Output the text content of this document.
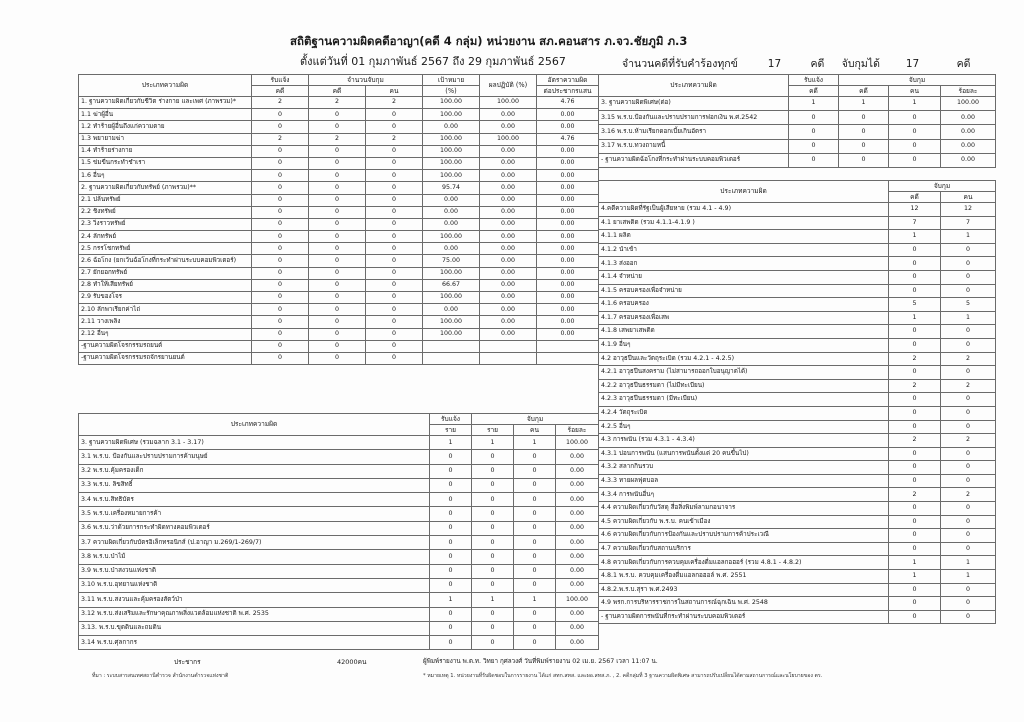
สถิติฐานความผิดคดีอาญา(คดี 4 กลุ่ม) หน่วยงาน สภ.คอนสาร ภ.จว.ชัยภูมิ ภ.3
ตั้งแต่วันที่ 01 กุมภาพันธ์ 2567 ถึง 29 กุมภาพันธ์ 2567	จำนวนคดีที่รับคำร้องทุกข์	17	คดี จับกุมได้ 17	คดี
ประเภทความผิด	รับแจ้ง	จำนวนจับกุม		เป้าหมาย	ผลปฏิบัติ (%)	อัตราความผิด
	คดี	คดี	คน	(%)		ต่อประชากรแสน
1. ฐานความผิดเกี่ยวกับชีวิต ร่างกาย และเพศ (ภาพรวม)*	2	2	2	100.00	100.00	4.76
1.1 ฆ่าผู้อื่น	0	0	0	100.00	0.00	0.00
1.2 ทำร้ายผู้อื่นถึงแก่ความตาย	0	0	0	0.00	0.00	0.00
1.3 พยายามฆ่า	2	2	2	100.00	100.00	4.76
1.4 ทำร้ายร่างกาย	0	0	0	100.00	0.00	0.00
1.5 ข่มขืนกระทำชำเรา	0	0	0	100.00	0.00	0.00
1.6 อื่นๆ	0	0	0	100.00	0.00	0.00
2. ฐานความผิดเกี่ยวกับทรัพย์ (ภาพรวม)**	0	0	0	95.74	0.00	0.00
2.1 ปล้นทรัพย์	0	0	0	0.00	0.00	0.00
2.2 ชิงทรัพย์	0	0	0	0.00	0.00	0.00
2.3 วิ่งราวทรัพย์	0	0	0	0.00	0.00	0.00
2.4 ลักทรัพย์	0	0	0	100.00	0.00	0.00
2.5 กรรโชกทรัพย์	0	0	0	0.00	0.00	0.00
2.6 ฉ้อโกง (ยกเว้นฉ้อโกงที่กระทำผ่านระบบคอมพิวเตอร์)	0	0	0	75.00	0.00	0.00
2.7 ยักยอกทรัพย์	0	0	0	100.00	0.00	0.00
2.8 ทำให้เสียทรัพย์	0	0	0	66.67	0.00	0.00
2.9 รับของโจร	0	0	0	100.00	0.00	0.00
2.10 ลักพาเรียกค่าไถ่	0	0	0	0.00	0.00	0.00
2.11 วางเพลิง	0	0	0	100.00	0.00	0.00
2.12 อื่นๆ	0	0	0	100.00	0.00	0.00
-ฐานความผิดโจรกรรมรถยนต์	0	0	0			
-ฐานความผิดโจรกรรมรถจักรยานยนต์	0	0	0			
ประเภทความผิด	รับแจ้ง	จับกุม		
	ราย	ราย	คน	ร้อยละ
3. ฐานความผิดพิเศษ (รวมฉลาก 3.1 - 3.17)	1	1	1	100.00
3.1 พ.ร.บ. ป้องกันและปราบปรามการค้ามนุษย์	0	0	0	0.00
3.2 พ.ร.บ.คุ้มครองเด็ก	0	0	0	0.00
3.3 พ.ร.บ. ลิขสิทธิ์	0	0	0	0.00
3.4 พ.ร.บ.สิทธิบัตร	0	0	0	0.00
3.5 พ.ร.บ.เครื่องหมายการค้า	0	0	0	0.00
3.6 พ.ร.บ.ว่าด้วยการกระทำผิดทางคอมพิวเตอร์	0	0	0	0.00
3.7 ความผิดเกี่ยวกับบัตรอิเล็กทรอนิกส์ (ป.อาญา ม.269/1-269/7)	0	0	0	0.00
3.8 พ.ร.บ.ป่าไม้	0	0	0	0.00
3.9 พ.ร.บ.ป่าสงวนแห่งชาติ	0	0	0	0.00
3.10 พ.ร.บ.อุทยานแห่งชาติ	0	0	0	0.00
3.11 พ.ร.บ.สงวนและคุ้มครองสัตว์ป่า	1	1	1	100.00
3.12 พ.ร.บ.ส่งเสริมและรักษาคุณภาพสิ่งแวดล้อมแห่งชาติ พ.ศ. 2535	0	0	0	0.00
3.13. พ.ร.บ.ขุดดินและถมดิน	0	0	0	0.00
3.14 พ.ร.บ.ศุลกากร	0	0	0	0.00
ประเภทความผิด	รับแจ้ง	จับกุม		
	คดี	คดี	คน	ร้อยละ
3. ฐานความผิดพิเศษ(ต่อ)	1	1	1	100.00
3.15 พ.ร.บ.ป้องกันและปราบปรามการฟอกเงิน พ.ศ.2542	0	0	0	0.00
3.16 พ.ร.บ.ห้ามเรียกดอกเบี้ยเกินอัตรา	0	0	0	0.00
3.17 พ.ร.บ.ทวงถามหนี้	0	0	0	0.00
- ฐานความผิดฉ้อโกงที่กระทำผ่านระบบคอมพิวเตอร์	0	0	0	0.00
ประเภทความผิด	จับกุม	
	คดี	คน
4.คดีความผิดที่รัฐเป็นผู้เสียหาย (รวม 4.1 - 4.9)	12	12
4.1 ยาเสพติด (รวม 4.1.1-4.1.9 )	7	7
4.1.1 ผลิต	1	1
4.1.2 นำเข้า	0	0
4.1.3 ส่งออก	0	0
4.1.4 จำหน่าย	0	0
4.1.5 ครอบครองเพื่อจำหน่าย	0	0
4.1.6 ครอบครอง	5	5
4.1.7 ครอบครองเพื่อเสพ	1	1
4.1.8 เสพยาเสพติด	0	0
4.1.9 อื่นๆ	0	0
4.2 อาวุธปืนและวัตถุระเบิด (รวม 4.2.1 - 4.2.5)	2	2
4.2.1 อาวุธปืนสงคราม (ไม่สามารถออกใบอนุญาตได้)	0	0
4.2.2 อาวุธปืนธรรมดา (ไม่มีทะเบียน)	2	2
4.2.3 อาวุธปืนธรรมดา (มีทะเบียน)	0	0
4.2.4 วัตถุระเบิด	0	0
4.2.5 อื่นๆ	0	0
4.3 การพนัน (รวม 4.3.1 - 4.3.4)	2	2
4.3.1 บ่อนการพนัน (แสนการพนันตั้งแต่ 20 คนขึ้นไป)	0	0
4.3.2 สลากกินรวบ	0	0
4.3.3 ทายผลฟุตบอล	0	0
4.3.4 การพนันอื่นๆ	2	2
4.4 ความผิดเกี่ยวกับวัสดุ สื่อสิ่งพิมพ์ลามกอนาจาร	0	0
4.5 ความผิดเกี่ยวกับ พ.ร.บ. คนเข้าเมือง	0	0
4.6 ความผิดเกี่ยวกับการป้องกันและปราบปรามการค้าประเวณี	0	0
4.7 ความผิดเกี่ยวกับสถานบริการ	0	0
4.8 ความผิดเกี่ยวกับการควบคุมเครื่องดื่มแอลกอฮอร์ (รวม 4.8.1 - 4.8.2)	1	1
4.8.1 พ.ร.บ. ควบคุมเครื่องดื่มแอลกอฮอล์ พ.ศ. 2551	1	1
4.8.2.พ.ร.บ.สุรา พ.ศ.2493	0	0
4.9 พรก.การบริหารราชการในสถานการณ์ฉุกเฉิน พ.ศ. 2548	0	0
- ฐานความผิดการพนันที่กระทำผ่านระบบคอมพิวเตอร์	0	0
ประชากร	42000คน	ผู้พิมพ์รายงาน พ.ต.ท. วิทยา กุศลวงศ์ วันที่พิมพ์รายงาน 02 เม.ย. 2567 เวลา 11:07 น.
ที่มา : ระบบสารสนเทศสถานีตำรวจ สำนักงานตำรวจแห่งชาติ	* หมายเหตุ 1. หน่วยงานที่รับผิดชอบในการรายงาน ได้แก่ สทก.สทส. และผอ.สทส.ภ. , 2. คดีกลุ่มที่ 3 ฐานความผิดพิเศษ สามารถปรับเปลี่ยนได้ตามสถานการณ์และนโยบายของ ตร.
